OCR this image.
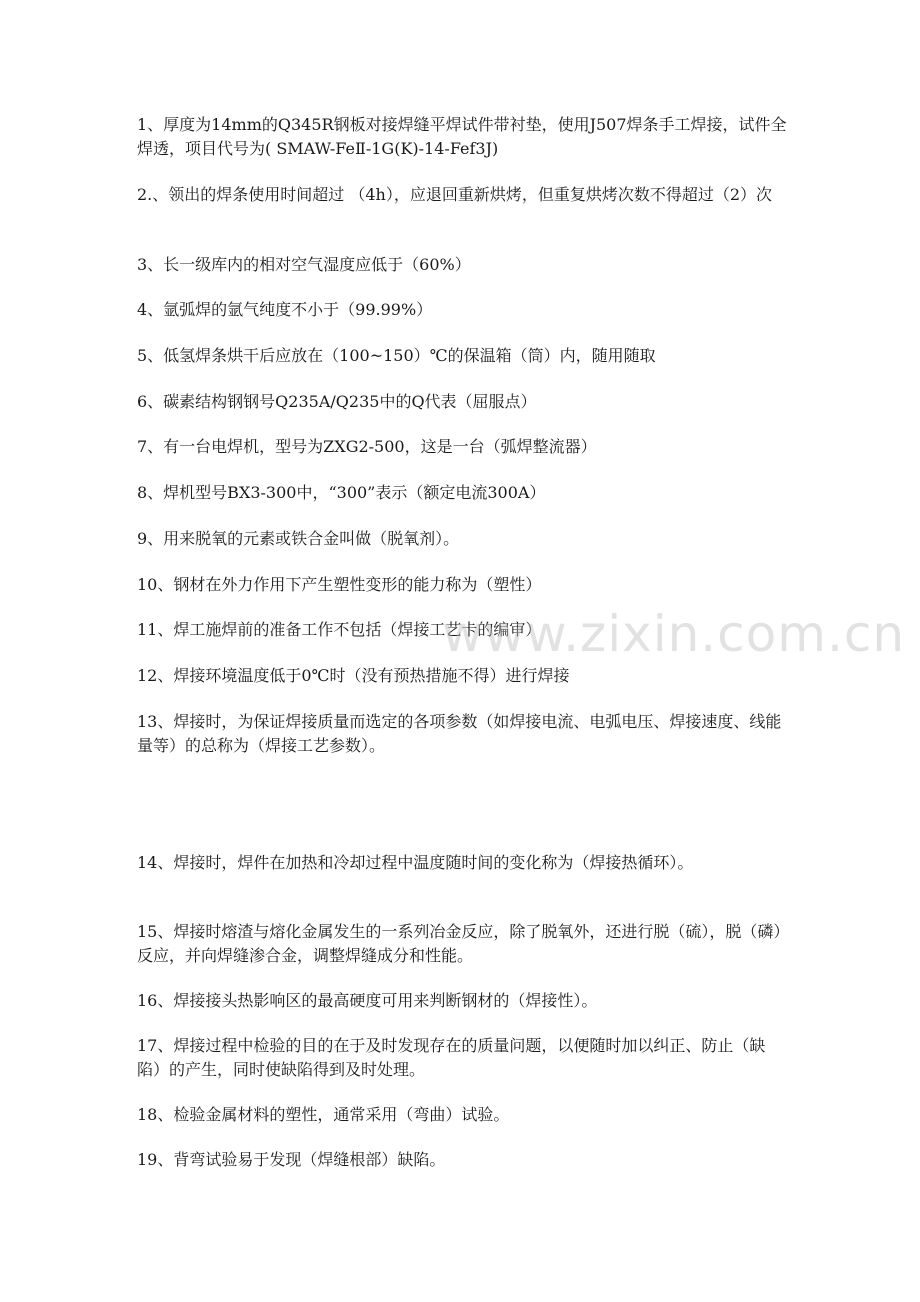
1、厚度为14mm的Q345R钢板对接焊缝平焊试件带衬垫，使用J507焊条手工焊接，试件全焊透，项目代号为( SMAW-FeⅡ-1G(K)-14-Fef3J)

2.、领出的焊条使用时间超过 （4h），应退回重新烘烤，但重复烘烤次数不得超过（2）次

3、长一级库内的相对空气湿度应低于（60%）

4、氩弧焊的氩气纯度不小于（99.99%）

5、低氢焊条烘干后应放在（100~150）℃的保温箱（筒）内，随用随取

6、碳素结构钢钢号Q235A/Q235中的Q代表（屈服点）

7、有一台电焊机，型号为ZXG2-500，这是一台（弧焊整流器）

8、焊机型号BX3-300中，“300”表示（额定电流300A）

9、用来脱氧的元素或铁合金叫做（脱氧剂）。

10、钢材在外力作用下产生塑性变形的能力称为（塑性）

11、焊工施焊前的准备工作不包括（焊接工艺卡的编审）

12、焊接环境温度低于0℃时（没有预热措施不得）进行焊接

13、焊接时，为保证焊接质量而选定的各项参数（如焊接电流、电弧电压、焊接速度、线能量等）的总称为（焊接工艺参数）。

14、焊接时，焊件在加热和冷却过程中温度随时间的变化称为（焊接热循环）。

15、焊接时熔渣与熔化金属发生的一系列冶金反应，除了脱氧外，还进行脱（硫），脱（磷）反应，并向焊缝渗合金，调整焊缝成分和性能。

16、焊接接头热影响区的最高硬度可用来判断钢材的（焊接性）。

17、焊接过程中检验的目的在于及时发现存在的质量问题，以便随时加以纠正、防止（缺陷）的产生，同时使缺陷得到及时处理。

18、检验金属材料的塑性，通常采用（弯曲）试验。

19、背弯试验易于发现（焊缝根部）缺陷。

www.zixin.com.cn
